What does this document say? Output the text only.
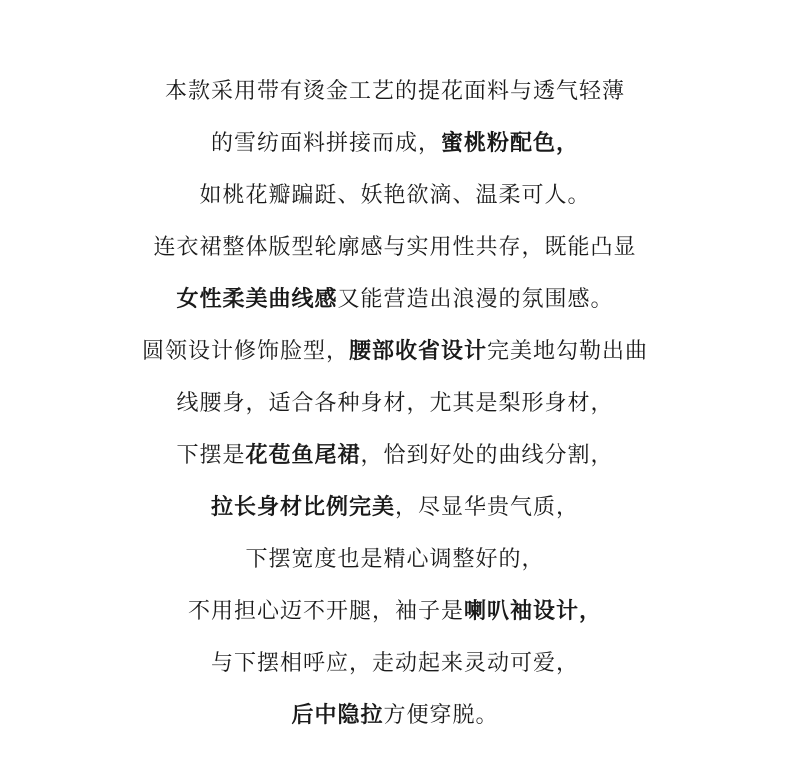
本款采用带有烫金工艺的提花面料与透气轻薄
的雪纺面料拼接而成，蜜桃粉配色，
如桃花瓣蹁跹、妖艳欲滴、温柔可人。
连衣裙整体版型轮廓感与实用性共存，既能凸显
女性柔美曲线感又能营造出浪漫的氛围感。
圆领设计修饰脸型，腰部收省设计完美地勾勒出曲
线腰身，适合各种身材，尤其是梨形身材，
下摆是花苞鱼尾裙，恰到好处的曲线分割，
拉长身材比例完美，尽显华贵气质，
下摆宽度也是精心调整好的，
不用担心迈不开腿，袖子是喇叭袖设计，
与下摆相呼应，走动起来灵动可爱，
后中隐拉方便穿脱。
